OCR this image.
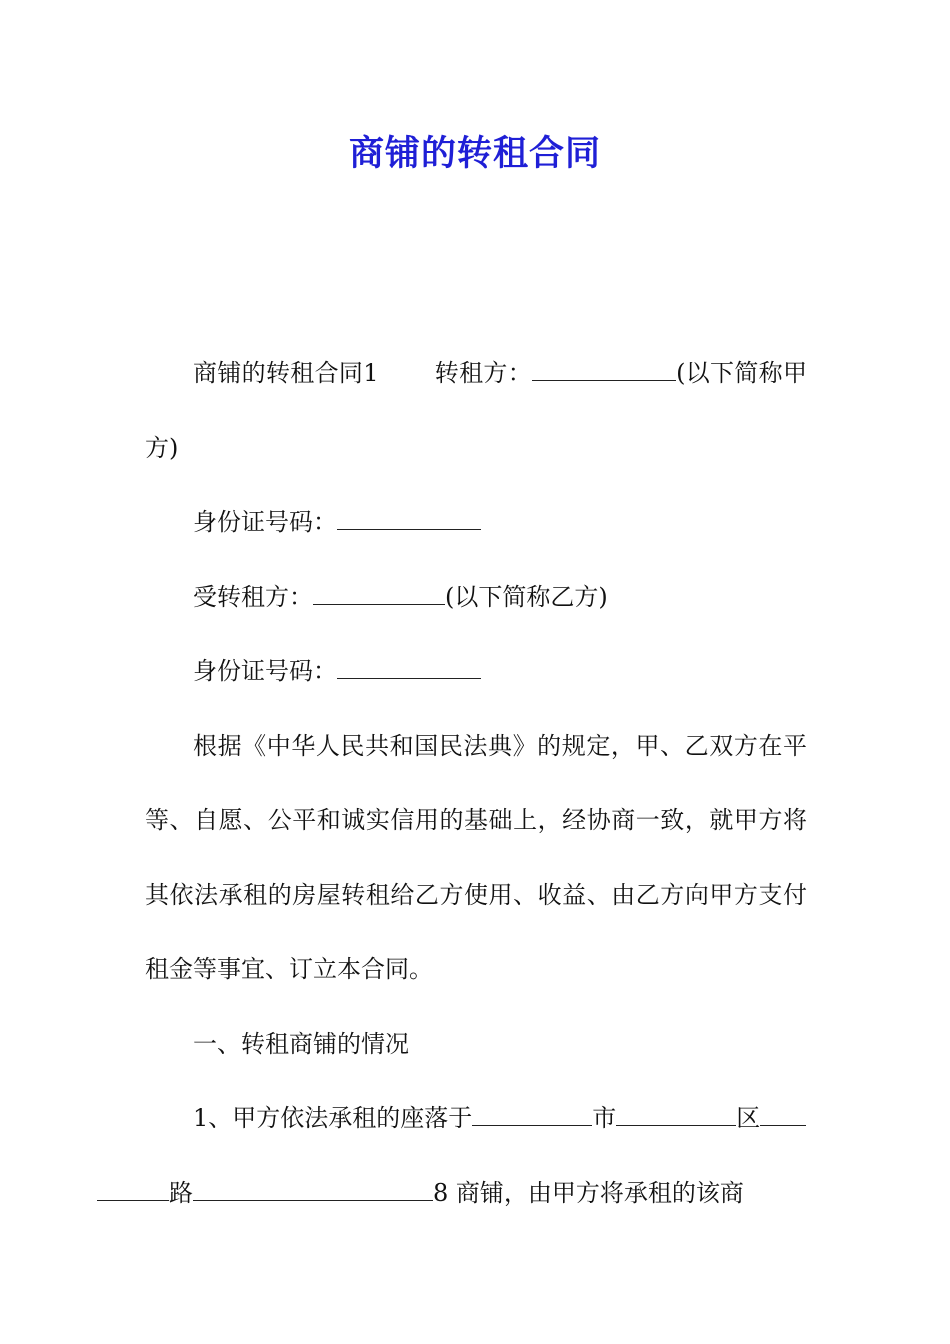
商铺的转租合同

商铺的转租合同1 转租方：	(以下简称甲方)

身份证号码：

受转租方：	(以下简称乙方)

身份证号码：

根据《中华人民共和国民法典》的规定，甲、乙双方在平等、自愿、公平和诚实信用的基础上，经协商一致，就甲方将其依法承租的房屋转租给乙方使用、收益、由乙方向甲方支付租金等事宜、订立本合同。

一、转租商铺的情况

1、甲方依法承租的座落于	市	区
路	8 商铺，由甲方将承租的该商
